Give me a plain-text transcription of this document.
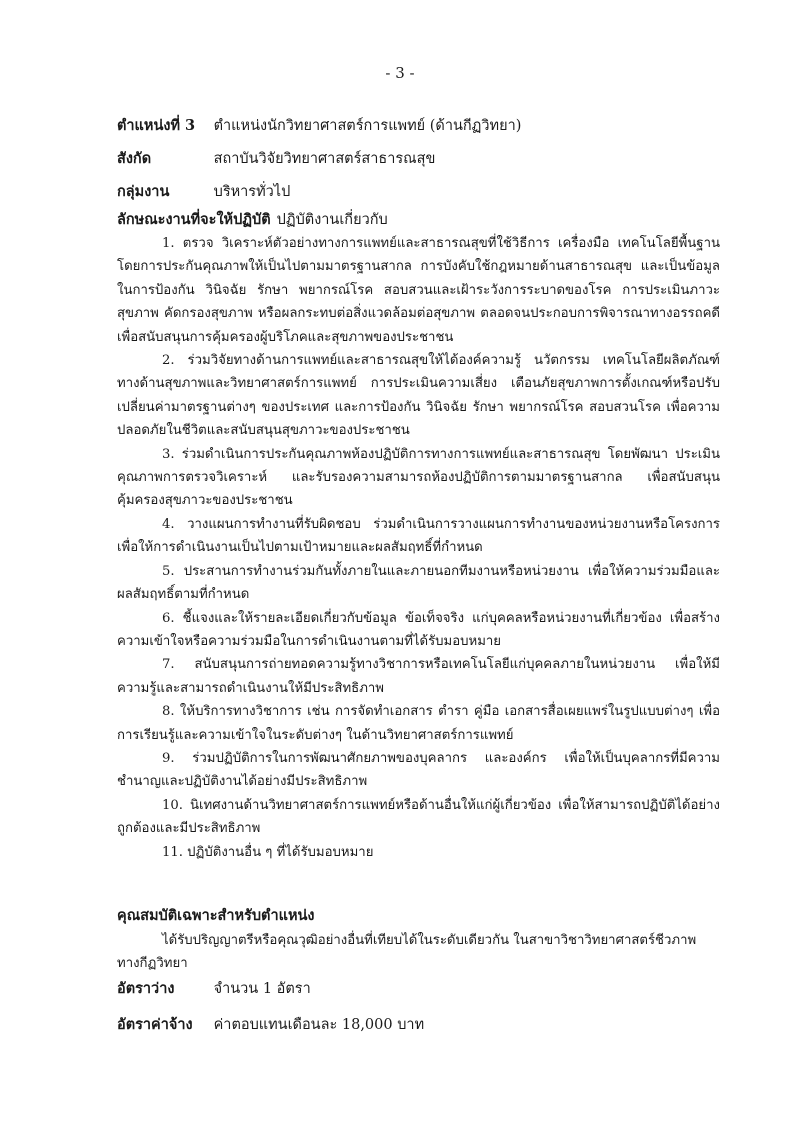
- 3 -
ตำแหน่งที่ 3 ตำแหน่งนักวิทยาศาสตร์การแพทย์ (ด้านกีฏวิทยา)
สังกัด	สถาบันวิจัยวิทยาศาสตร์สาธารณสุข
กลุ่มงาน	บริหารทั่วไป
ลักษณะงานที่จะให้ปฏิบัติ ปฏิบัติงานเกี่ยวกับ

1. ตรวจ วิเคราะห์ตัวอย่างทางการแพทย์และสาธารณสุขที่ใช้วิธีการ เครื่องมือ เทคโนโลยีพื้นฐาน โดยการประกันคุณภาพให้เป็นไปตามมาตรฐานสากล การบังคับใช้กฎหมายด้านสาธารณสุข และเป็นข้อมูลในการป้องกัน วินิจฉัย รักษา พยากรณ์โรค สอบสวนและเฝ้าระวังการระบาดของโรค การประเมินภาวะสุขภาพ คัดกรองสุขภาพ หรือผลกระทบต่อสิ่งแวดล้อมต่อสุขภาพ ตลอดจนประกอบการพิจารณาทางอรรถคดี เพื่อสนับสนุนการคุ้มครองผู้บริโภคและสุขภาพของประชาชน

2. ร่วมวิจัยทางด้านการแพทย์และสาธารณสุขให้ได้องค์ความรู้ นวัตกรรม เทคโนโลยีผลิตภัณฑ์ ทางด้านสุขภาพและวิทยาศาสตร์การแพทย์ การประเมินความเสี่ยง เตือนภัยสุขภาพการตั้งเกณฑ์หรือปรับเปลี่ยนค่ามาตรฐานต่างๆ ของประเทศ และการป้องกัน วินิจฉัย รักษา พยากรณ์โรค สอบสวนโรค เพื่อความปลอดภัยในชีวิตและสนับสนุนสุขภาวะของประชาชน

3. ร่วมดำเนินการประกันคุณภาพห้องปฏิบัติการทางการแพทย์และสาธารณสุข โดยพัฒนา ประเมินคุณภาพการตรวจวิเคราะห์ และรับรองความสามารถห้องปฏิบัติการตามมาตรฐานสากล เพื่อสนับสนุน คุ้มครองสุขภาวะของประชาชน

4. วางแผนการทำงานที่รับผิดชอบ ร่วมดำเนินการวางแผนการทำงานของหน่วยงานหรือโครงการ เพื่อให้การดำเนินงานเป็นไปตามเป้าหมายและผลสัมฤทธิ์ที่กำหนด

5. ประสานการทำงานร่วมกันทั้งภายในและภายนอกทีมงานหรือหน่วยงาน เพื่อให้ความร่วมมือและผลสัมฤทธิ์ตามที่กำหนด

6. ชี้แจงและให้รายละเอียดเกี่ยวกับข้อมูล ข้อเท็จจริง แก่บุคคลหรือหน่วยงานที่เกี่ยวข้อง เพื่อสร้างความเข้าใจหรือความร่วมมือในการดำเนินงานตามที่ได้รับมอบหมาย

7. สนับสนุนการถ่ายทอดความรู้ทางวิชาการหรือเทคโนโลยีแก่บุคคลภายในหน่วยงาน เพื่อให้มีความรู้และสามารถดำเนินงานให้มีประสิทธิภาพ

8. ให้บริการทางวิชาการ เช่น การจัดทำเอกสาร ตำรา คู่มือ เอกสารสื่อเผยแพร่ในรูปแบบต่างๆ เพื่อการเรียนรู้และความเข้าใจในระดับต่างๆ ในด้านวิทยาศาสตร์การแพทย์

9. ร่วมปฏิบัติการในการพัฒนาศักยภาพของบุคลากร และองค์กร เพื่อให้เป็นบุคลากรที่มีความชำนาญและปฏิบัติงานได้อย่างมีประสิทธิภาพ

10. นิเทศงานด้านวิทยาศาสตร์การแพทย์หรือด้านอื่นให้แก่ผู้เกี่ยวข้อง เพื่อให้สามารถปฏิบัติได้อย่างถูกต้องและมีประสิทธิภาพ

11. ปฏิบัติงานอื่น ๆ ที่ได้รับมอบหมาย

คุณสมบัติเฉพาะสำหรับตำแหน่ง
ได้รับปริญญาตรีหรือคุณวุฒิอย่างอื่นที่เทียบได้ในระดับเดียวกัน ในสาขาวิชาวิทยาศาสตร์ชีวภาพ ทางกีฏวิทยา
อัตราว่าง	จำนวน 1 อัตรา
อัตราค่าจ้าง ค่าตอบแทนเดือนละ 18,000 บาท
